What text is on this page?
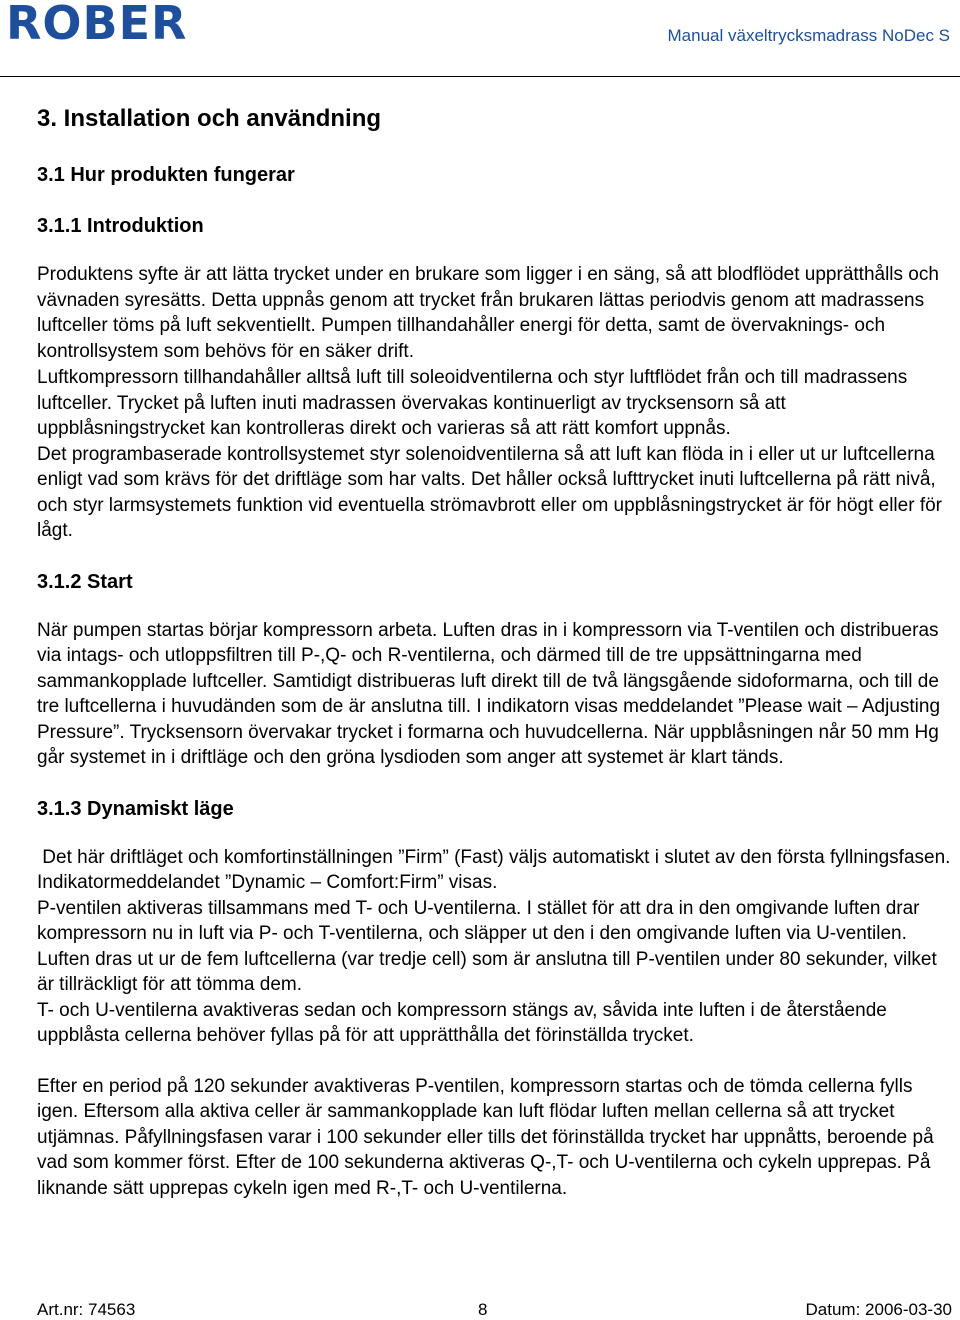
ROBER	Manual växeltrycksmadrass NoDec S
3. Installation och användning
3.1 Hur produkten fungerar
3.1.1 Introduktion

Produktens syfte är att lätta trycket under en brukare som ligger i en säng, så att blodflödet upprätthålls och vävnaden syresätts. Detta uppnås genom att trycket från brukaren lättas periodvis genom att madrassens luftceller töms på luft sekventiellt. Pumpen tillhandahåller energi för detta, samt de övervaknings- och kontrollsystem som behövs för en säker drift.

Luftkompressorn tillhandahåller alltså luft till soleoidventilerna och styr luftflödet från och till madrassens luftceller. Trycket på luften inuti madrassen övervakas kontinuerligt av trycksensorn så att uppblåsningstrycket kan kontrolleras direkt och varieras så att rätt komfort uppnås.

Det programbaserade kontrollsystemet styr solenoidventilerna så att luft kan flöda in i eller ut ur luftcellerna enligt vad som krävs för det driftläge som har valts. Det håller också lufttrycket inuti luftcellerna på rätt nivå, och styr larmsystemets funktion vid eventuella strömavbrott eller om uppblåsningstrycket är för högt eller för lågt.

3.1.2 Start

När pumpen startas börjar kompressorn arbeta. Luften dras in i kompressorn via T-ventilen och distribueras via intags- och utloppsfiltren till P-,Q- och R-ventilerna, och därmed till de tre uppsättningarna med sammankopplade luftceller. Samtidigt distribueras luft direkt till de två längsgående sidoformarna, och till de tre luftcellerna i huvudänden som de är anslutna till. I indikatorn visas meddelandet ”Please wait – Adjusting Pressure”. Trycksensorn övervakar trycket i formarna och huvudcellerna. När uppblåsningen når 50 mm Hg går systemet in i driftläge och den gröna lysdioden som anger att systemet är klart tänds.

3.1.3 Dynamiskt läge

Det här driftläget och komfortinställningen ”Firm” (Fast) väljs automatiskt i slutet av den första fyllningsfasen. Indikatormeddelandet ”Dynamic – Comfort:Firm” visas.

P-ventilen aktiveras tillsammans med T- och U-ventilerna. I stället för att dra in den omgivande luften drar kompressorn nu in luft via P- och T-ventilerna, och släpper ut den i den omgivande luften via U-ventilen. Luften dras ut ur de fem luftcellerna (var tredje cell) som är anslutna till P-ventilen under 80 sekunder, vilket är tillräckligt för att tömma dem.

T- och U-ventilerna avaktiveras sedan och kompressorn stängs av, såvida inte luften i de återstående uppblåsta cellerna behöver fyllas på för att upprätthålla det förinställda trycket.

Efter en period på 120 sekunder avaktiveras P-ventilen, kompressorn startas och de tömda cellerna fylls igen. Eftersom alla aktiva celler är sammankopplade kan luft flödar luften mellan cellerna så att trycket utjämnas. Påfyllningsfasen varar i 100 sekunder eller tills det förinställda trycket har uppnåtts, beroende på vad som kommer först. Efter de 100 sekunderna aktiveras Q-,T- och U-ventilerna och cykeln upprepas. På liknande sätt upprepas cykeln igen med R-,T- och U-ventilerna.

Art.nr: 74563	8	Datum: 2006-03-30
